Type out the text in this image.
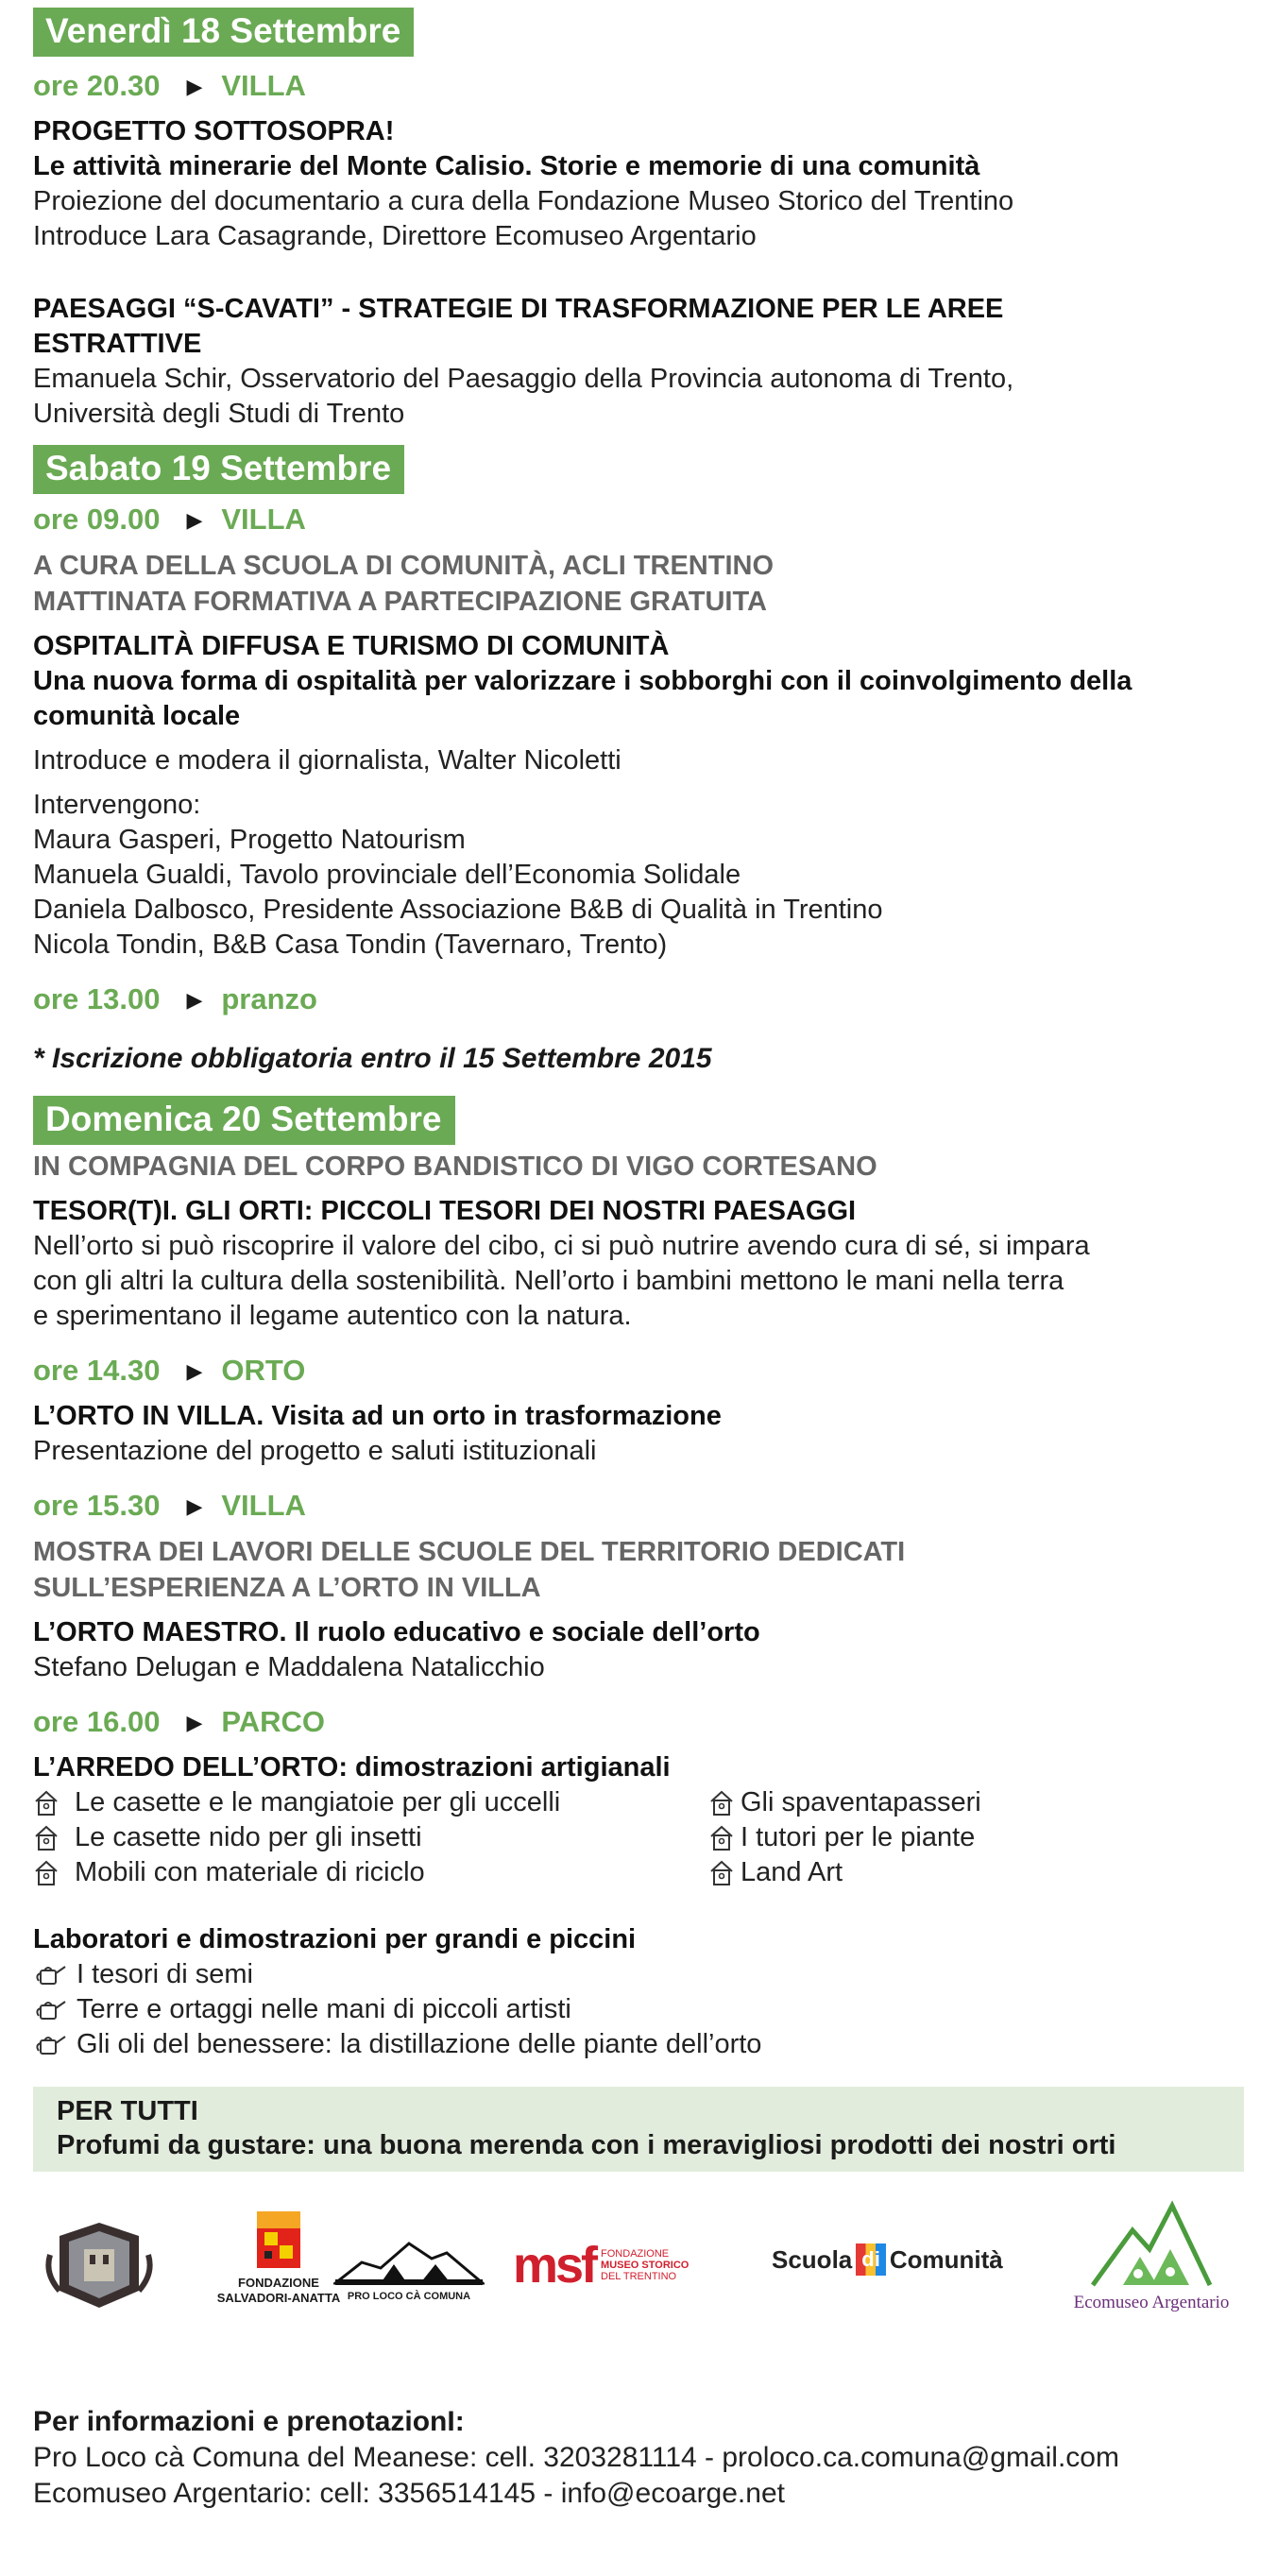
Venerdì 18 Settembre
ore 20.30 ▶ VILLA
PROGETTO SOTTOSOPRA!
Le attività minerarie del Monte Calisio. Storie e memorie di una comunità
Proiezione del documentario a cura della Fondazione Museo Storico del Trentino
Introduce Lara Casagrande, Direttore Ecomuseo Argentario
PAESAGGI “S-CAVATI” - STRATEGIE DI TRASFORMAZIONE PER LE AREE
ESTRATTIVE
Emanuela Schir, Osservatorio del Paesaggio della Provincia autonoma di Trento,
Università degli Studi di Trento
Sabato 19 Settembre
ore 09.00 ▶ VILLA
A CURA DELLA SCUOLA DI COMUNITÀ, ACLI TRENTINO
MATTINATA FORMATIVA A PARTECIPAZIONE GRATUITA
OSPITALITÀ DIFFUSA E TURISMO DI COMUNITÀ
Una nuova forma di ospitalità per valorizzare i sobborghi con il coinvolgimento della
comunità locale
Introduce e modera il giornalista, Walter Nicoletti
Intervengono:
Maura Gasperi, Progetto Natourism
Manuela Gualdi, Tavolo provinciale dell’Economia Solidale
Daniela Dalbosco, Presidente Associazione B&B di Qualità in Trentino
Nicola Tondin, B&B Casa Tondin (Tavernaro, Trento)
ore 13.00 ▶ pranzo
* Iscrizione obbligatoria entro il 15 Settembre 2015
Domenica 20 Settembre
IN COMPAGNIA DEL CORPO BANDISTICO DI VIGO CORTESANO
TESOR(T)I. GLI ORTI: PICCOLI TESORI DEI NOSTRI PAESAGGI
Nell’orto si può riscoprire il valore del cibo, ci si può nutrire avendo cura di sé, si impara
con gli altri la cultura della sostenibilità. Nell’orto i bambini mettono le mani nella terra
e sperimentano il legame autentico con la natura.
ore 14.30 ▶ ORTO
L’ORTO IN VILLA. Visita ad un orto in trasformazione
Presentazione del progetto e saluti istituzionali
ore 15.30 ▶ VILLA
MOSTRA DEI LAVORI DELLE SCUOLE DEL TERRITORIO DEDICATI
SULL’ESPERIENZA A L’ORTO IN VILLA
L’ORTO MAESTRO. Il ruolo educativo e sociale dell’orto
Stefano Delugan e Maddalena Natalicchio
ore 16.00 ▶ PARCO
L’ARREDO DELL’ORTO: dimostrazioni artigianali
Le casette e le mangiatoie per gli uccelli
Le casette nido per gli insetti
Mobili con materiale di riciclo
Gli spaventapasseri
I tutori per le piante
Land Art
Laboratori e dimostrazioni per grandi e piccini
I tesori di semi
Terre e ortaggi nelle mani di piccoli artisti
Gli oli del benessere: la distillazione delle piante dell’orto
PER TUTTI
Profumi da gustare: una buona merenda con i meravigliosi prodotti dei nostri orti
FONDAZIONE
SALVADORI-ANATTA PRO LOCO CÀ COMUNA
msf FONDAZIONE
MUSEO STORICO
DEL TRENTINO
Scuola di Comunità
Ecomuseo Argentario
Per informazioni e prenotazionI:
Pro Loco cà Comuna del Meanese: cell. 3203281114 - proloco.ca.comuna@gmail.com
Ecomuseo Argentario: cell: 3356514145 - info@ecoarge.net
